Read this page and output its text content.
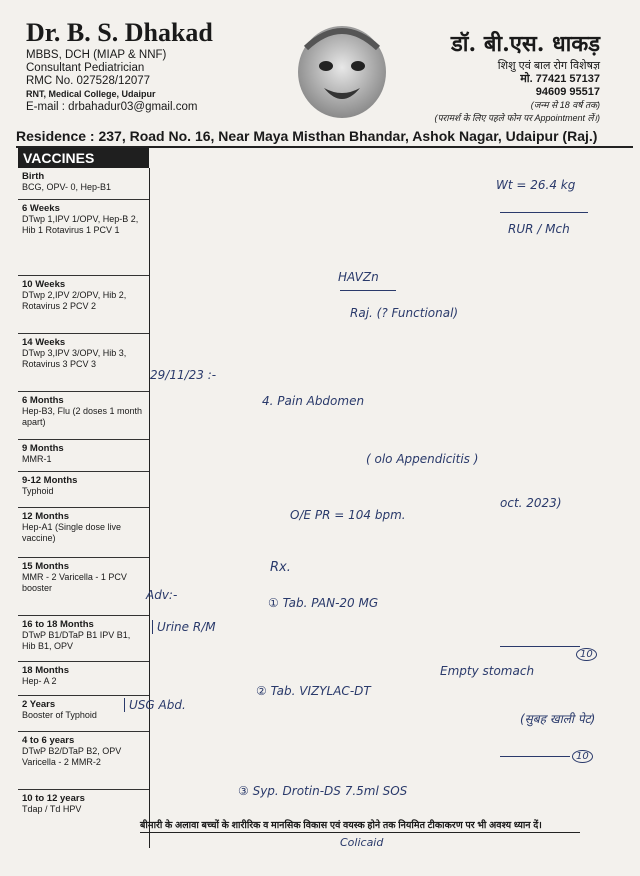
Dr. B. S. Dhakad
MBBS, DCH (MIAP & NNF)
Consultant Pediatrician
RMC No. 027528/12077
RNT, Medical College, Udaipur
E-mail : drbahadur03@gmail.com
डॉ. बी.एस. धाकड़
शिशु एवं बाल रोग विशेषज्ञ
मो. 77421 57137
94609 95517
(जन्म से 18 वर्ष तक)
(परामर्श के लिए पहले फोन पर Appointment लें।)
Residence : 237, Road No. 16, Near Maya Misthan Bhandar, Ashok Nagar, Udaipur (Raj.)
VACCINES
Birth
BCG, OPV- 0, Hep-B1
6 Weeks
DTwp 1,IPV 1/OPV, Hep-B 2, Hib 1 Rotavirus 1 PCV 1
10 Weeks
DTwp 2,IPV 2/OPV, Hib 2, Rotavirus 2 PCV 2
14 Weeks
DTwp 3,IPV 3/OPV, Hib 3, Rotavirus 3 PCV 3
6 Months
Hep-B3, Flu (2 doses 1 month apart)
9 Months
MMR-1
9-12 Months
Typhoid
12 Months
Hep-A1 (Single dose live vaccine)
15 Months
MMR - 2 Varicella - 1 PCV booster
16 to 18 Months
DTwP B1/DTaP B1 IPV B1, Hib B1, OPV
18 Months
Hep- A 2
2 Years
Booster of Typhoid
4 to 6 years
DTwP B2/DTaP B2, OPV Varicella - 2 MMR-2
10 to 12 years
Tdap / Td HPV
Wt = 26.4 kg
RUR / Mch
HAVZn
Raj. (? Functional)
29/11/23 :-
4. Pain Abdomen
( olo Appendicitis )
oct. 2023)
O/E PR = 104 bpm.
Rx.
Adv:-
① Tab. PAN-20 MG
10
Urine R/M
Empty stomach
USG Abd.
② Tab. VIZYLAC-DT
(सुबह खाली पेट)
10
③ Syp. Drotin-DS 7.5ml SOS
Colicaid
बीमारी के अलावा बच्चों के शारीरिक व मानसिक विकास एवं वयस्क होने तक नियमित टीकाकरण पर भी अवश्य ध्यान दें।
